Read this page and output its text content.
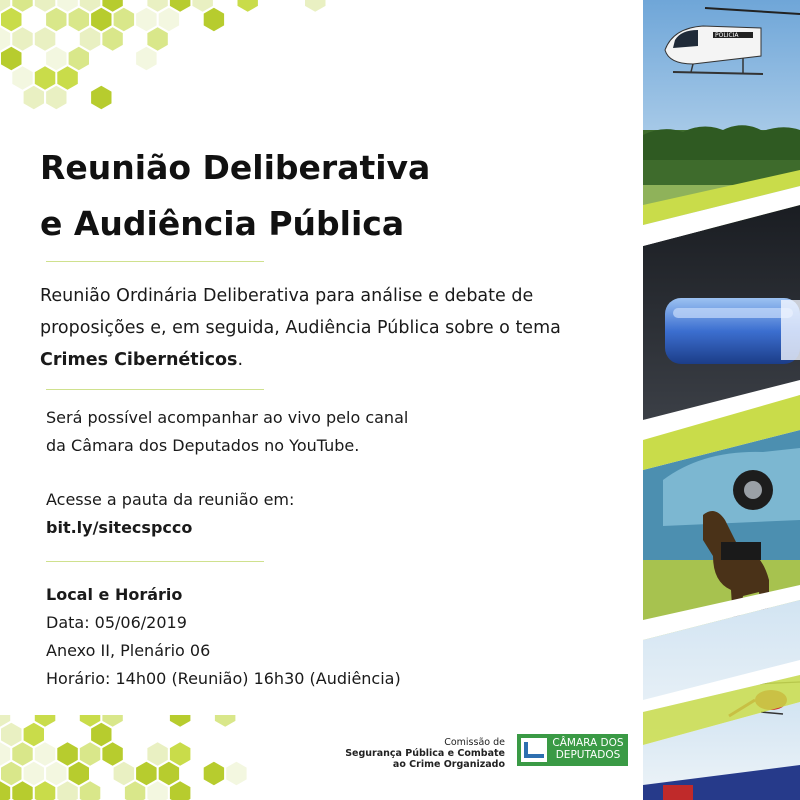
Reunião Deliberativa
e Audiência Pública
Reunião Ordinária Deliberativa para análise e debate de proposições e, em seguida, Audiência Pública sobre o tema Crimes Cibernéticos.
Será possível acompanhar ao vivo pelo canal
da Câmara dos Deputados no YouTube.
Acesse a pauta da reunião em:
bit.ly/sitecspcco
Local e Horário
Data: 05/06/2019
Anexo II, Plenário 06
Horário: 14h00 (Reunião) 16h30 (Audiência)
Comissão de
Segurança Pública e Combate
ao Crime Organizado
CÂMARA DOS
DEPUTADOS
POLÍCIA
